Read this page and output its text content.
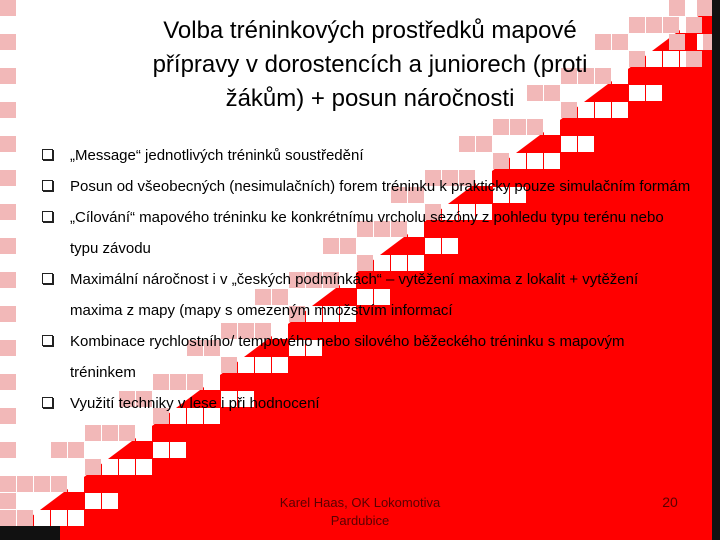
Volba tréninkových prostředků mapové
přípravy v dorostencích a juniorech (proti
žákům) + posun náročnosti
„Message“ jednotlivých tréninků soustředění
Posun od všeobecných (nesimulačních) forem tréninku k prakticky pouze simulačním formám
„Cílování“ mapového tréninku ke konkrétnímu vrcholu sezóny z pohledu typu terénu nebo typu závodu
Maximální náročnost i v „českých podmínkách“ – vytěžení maxima z lokalit + vytěžení maxima z mapy (mapy s omezeným množstvím informací
Kombinace rychlostního/ tempového nebo silového běžeckého tréninku s mapovým tréninkem
Využití techniky v lese i při hodnocení
Karel Haas, OK Lokomotiva Pardubice
20
